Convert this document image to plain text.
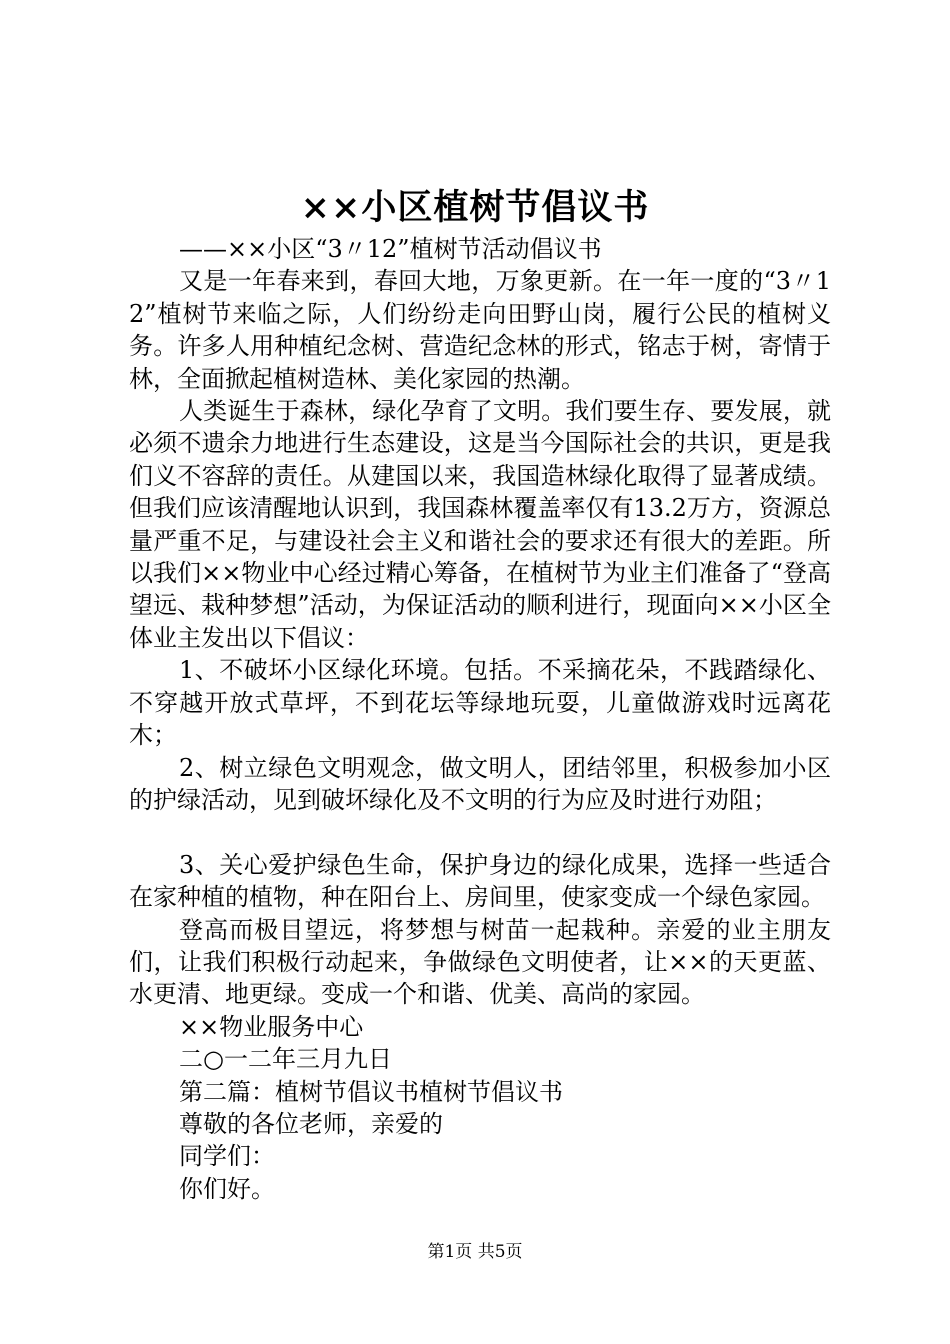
××小区植树节倡议书

——××小区“3〃12”植树节活动倡议书

又是一年春来到，春回大地，万象更新。在一年一度的“3〃12”植树节来临之际，人们纷纷走向田野山岗，履行公民的植树义务。许多人用种植纪念树、营造纪念林的形式，铭志于树，寄情于林，全面掀起植树造林、美化家园的热潮。

人类诞生于森林，绿化孕育了文明。我们要生存、要发展，就必须不遗余力地进行生态建设，这是当今国际社会的共识，更是我们义不容辞的责任。从建国以来，我国造林绿化取得了显著成绩。但我们应该清醒地认识到，我国森林覆盖率仅有13.2万方，资源总量严重不足，与建设社会主义和谐社会的要求还有很大的差距。所以我们××物业中心经过精心筹备，在植树节为业主们准备了“登高望远、栽种梦想”活动，为保证活动的顺利进行，现面向××小区全体业主发出以下倡议：

1、不破坏小区绿化环境。包括。不采摘花朵，不践踏绿化、不穿越开放式草坪，不到花坛等绿地玩耍，儿童做游戏时远离花木；

2、树立绿色文明观念，做文明人，团结邻里，积极参加小区的护绿活动，见到破坏绿化及不文明的行为应及时进行劝阻；

3、关心爱护绿色生命，保护身边的绿化成果，选择一些适合在家种植的植物，种在阳台上、房间里，使家变成一个绿色家园。

登高而极目望远，将梦想与树苗一起栽种。亲爱的业主朋友们，让我们积极行动起来，争做绿色文明使者，让××的天更蓝、水更清、地更绿。变成一个和谐、优美、高尚的家园。

××物业服务中心

二○一二年三月九日

第二篇：植树节倡议书植树节倡议书

尊敬的各位老师，亲爱的

同学们：

你们好。

第1页 共5页
